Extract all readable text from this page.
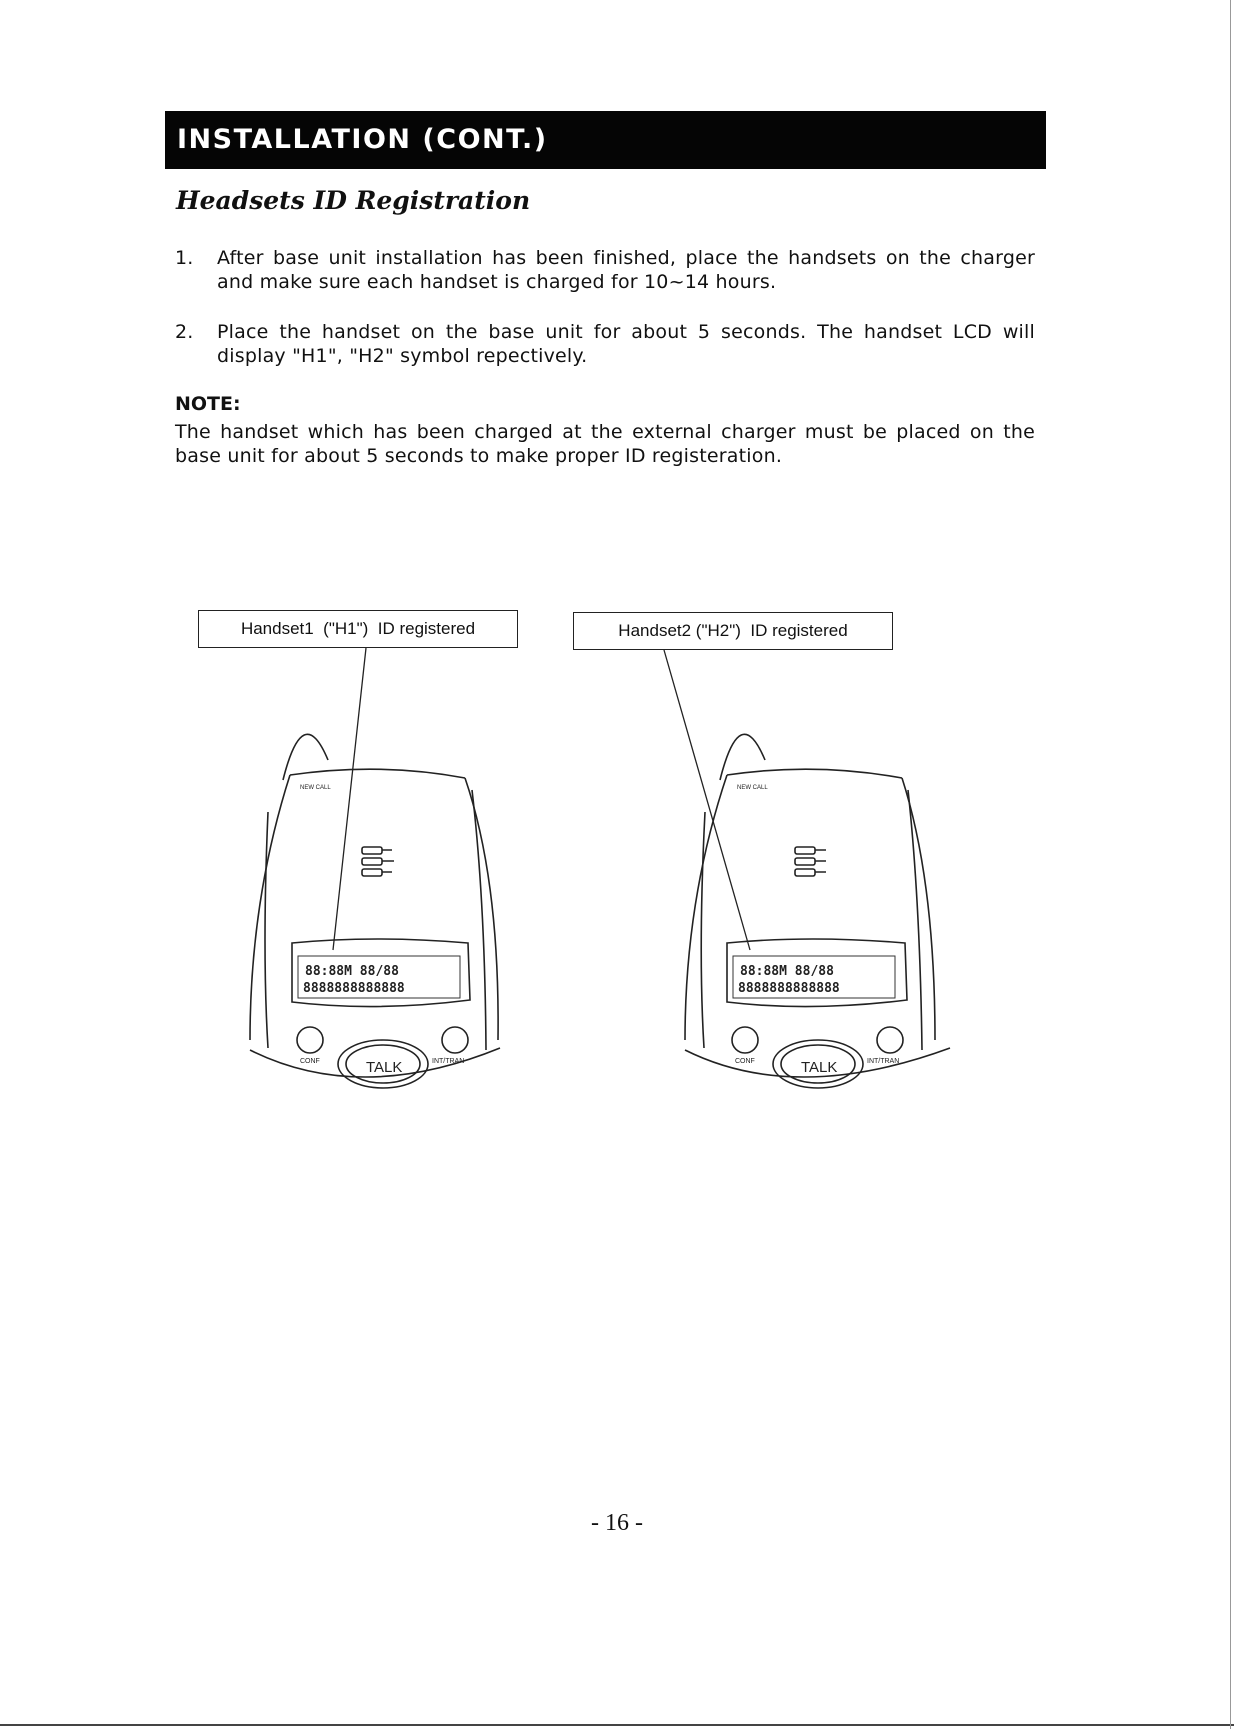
INSTALLATION (CONT.)
Headsets ID Registration
1. After base unit installation has been finished, place the handsets on the charger and make sure each handset is charged for 10~14 hours.
2. Place the handset on the base unit for about 5 seconds. The handset LCD will display "H1", "H2" symbol repectively.
NOTE:
The handset which has been charged at the external charger must be placed on the base unit for about 5 seconds to make proper ID registeration.
NEW CALL
88:88M 88/88
8888888888888
CONF	TALK	INT/TRAN
NEW CALL
88:88M 88/88
8888888888888
CONF	TALK	INT/TRAN
Handset1  ("H1")  ID registered	Handset2 ("H2")  ID registered
- 16 -
